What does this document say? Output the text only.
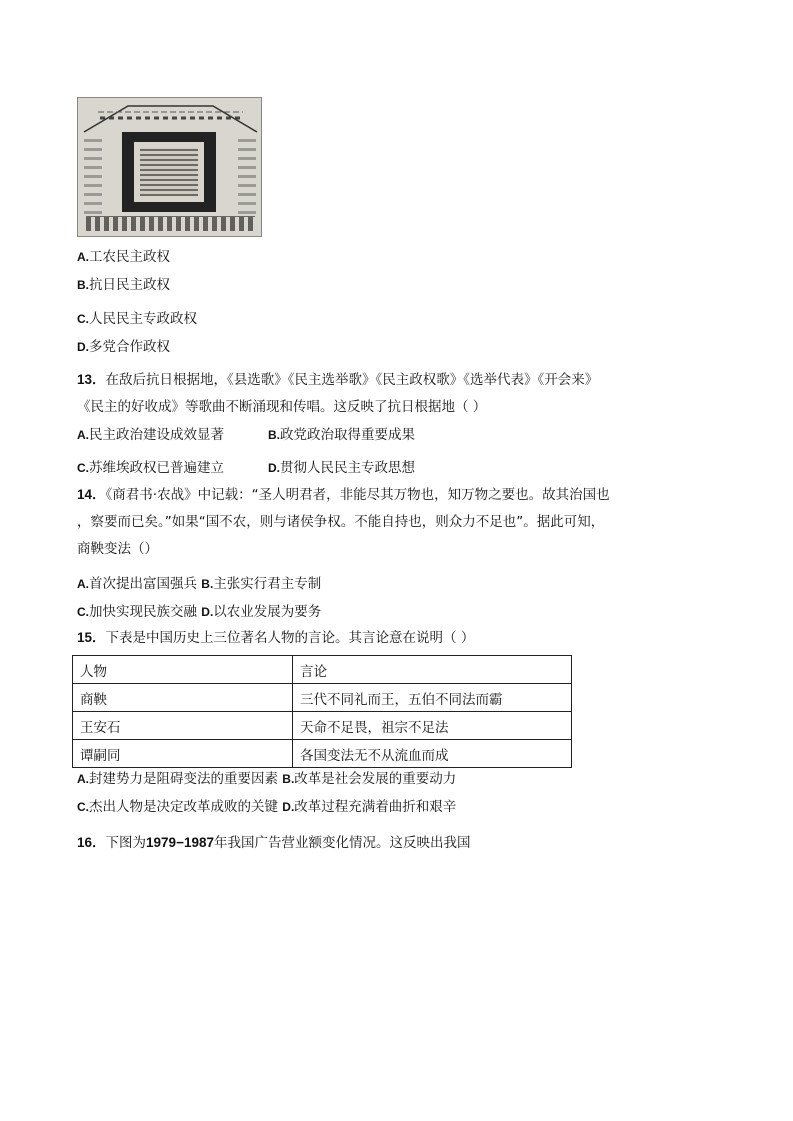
A.工农民主政权
B.抗日民主政权
C.人民民主专政政权
D.多党合作政权
13．在敌后抗日根据地，《县选歌》《民主选举歌》《民主政权歌》《选举代表》《开会来》
《民主的好收成》等歌曲不断涌现和传唱。这反映了抗日根据地（ ）
A.民主政治建设成效显著	B.政党政治取得重要成果
C.苏维埃政权已普遍建立	D.贯彻人民民主专政思想
14．《商君书·农战》中记载：“圣人明君者，非能尽其万物也，知万物之要也。故其治国也
，察要而已矣。”如果“国不农，则与诸侯争权。不能自持也，则众力不足也”。据此可知，
商鞅变法（）
A.首次提出富国强兵 B.主张实行君主专制
C.加快实现民族交融 D.以农业发展为要务
15．下表是中国历史上三位著名人物的言论。其言论意在说明（ ）
人物	言论
商鞅	三代不同礼而王，五伯不同法而霸
王安石	天命不足畏，祖宗不足法
谭嗣同	各国变法无不从流血而成
A.封建势力是阻碍变法的重要因素 B.改革是社会发展的重要动力
C.杰出人物是决定改革成败的关键 D.改革过程充满着曲折和艰辛
16．下图为1979−1987年我国广告营业额变化情况。这反映出我国
